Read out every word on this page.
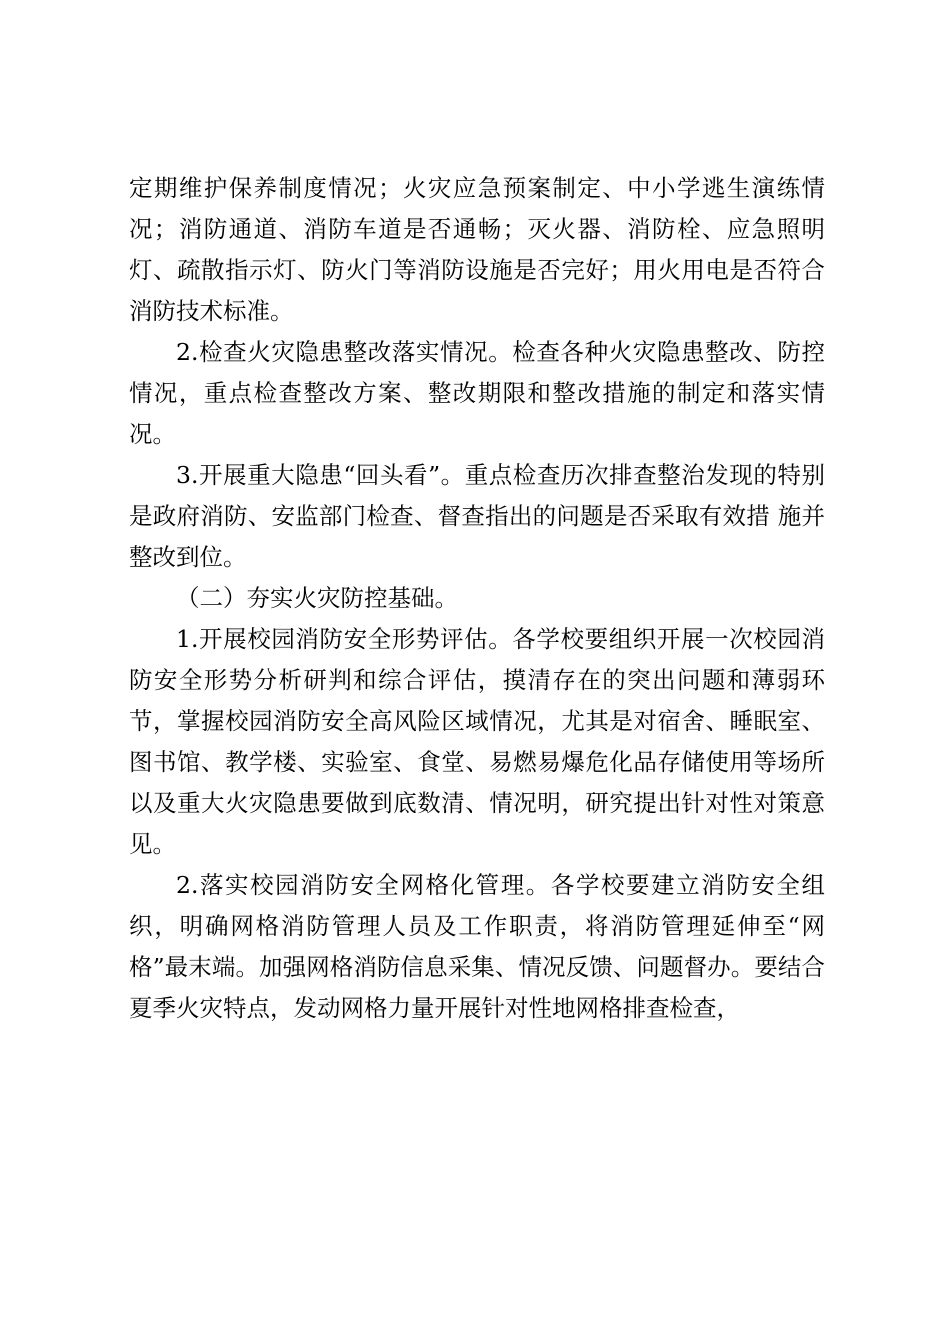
定期维护保养制度情况；火灾应急预案制定、中小学逃生演练情况；消防通道、消防车道是否通畅；灭火器、消防栓、应急照明灯、疏散指示灯、防火门等消防设施是否完好；用火用电是否符合消防技术标准。

2.检查火灾隐患整改落实情况。检查各种火灾隐患整改、防控情况，重点检查整改方案、整改期限和整改措施的制定和落实情况。

3.开展重大隐患“回头看”。重点检查历次排查整治发现的特别是政府消防、安监部门检查、督查指出的问题是否采取有效措 施并整改到位。

（二）夯实火灾防控基础。

1.开展校园消防安全形势评估。各学校要组织开展一次校园消防安全形势分析研判和综合评估，摸清存在的突出问题和薄弱环节，掌握校园消防安全高风险区域情况，尤其是对宿舍、睡眠室、图书馆、教学楼、实验室、食堂、易燃易爆危化品存储使用等场所以及重大火灾隐患要做到底数清、情况明，研究提出针对性对策意见。

2.落实校园消防安全网格化管理。各学校要建立消防安全组织，明确网格消防管理人员及工作职责，将消防管理延伸至“网格”最末端。加强网格消防信息采集、情况反馈、问题督办。要结合夏季火灾特点，发动网格力量开展针对性地网格排查检查，
